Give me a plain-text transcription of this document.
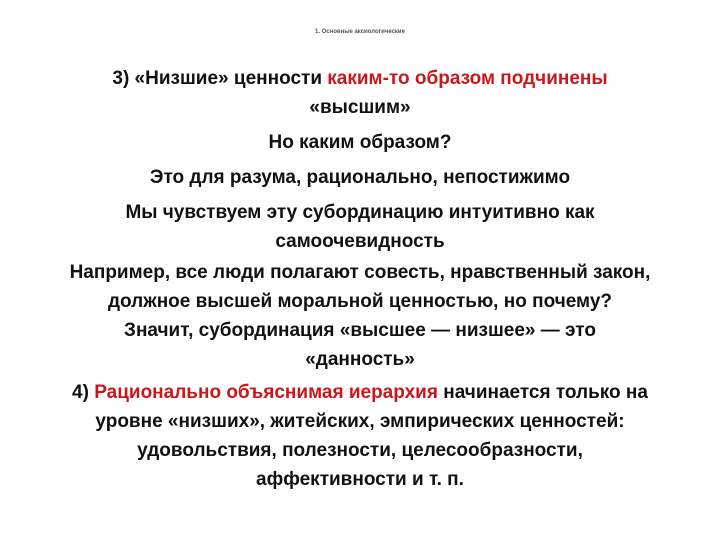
1. Основные аксиологические

3) «Низшие» ценности каким-то образом подчинены
«высшим»

Но каким образом?

Это для разума, рационально, непостижимо

Мы чувствуем эту субординацию интуитивно как
самоочевидность

Например, все люди полагают совесть, нравственный закон,
должное высшей моральной ценностью, но почему?
Значит, субординация «высшее — низшее» — это
«данность»

4) Рационально объяснимая иерархия начинается только на
уровне «низших», житейских, эмпирических ценностей:
удовольствия, полезности, целесообразности,
аффективности и т. п.
